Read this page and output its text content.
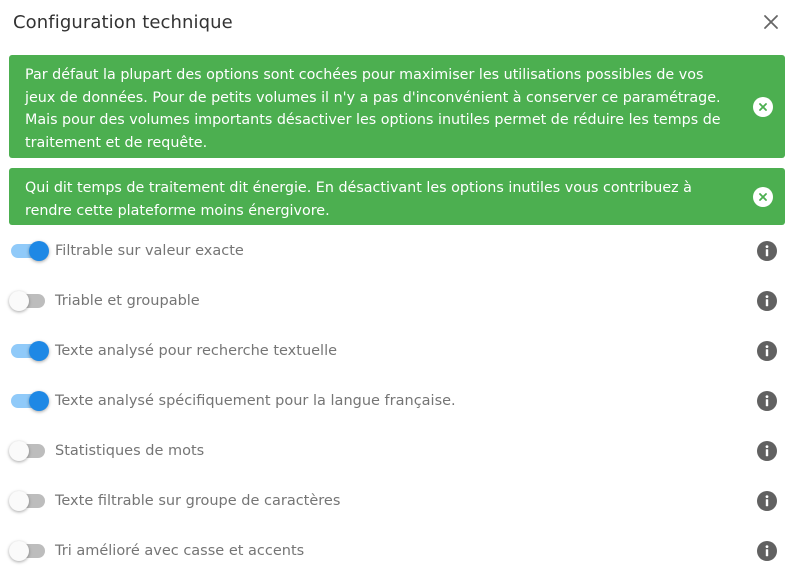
Configuration technique
Par défaut la plupart des options sont cochées pour maximiser les utilisations possibles de vos jeux de données. Pour de petits volumes il n'y a pas d'inconvénient à conserver ce paramétrage. Mais pour des volumes importants désactiver les options inutiles permet de réduire les temps de traitement et de requête.
Qui dit temps de traitement dit énergie. En désactivant les options inutiles vous contribuez à rendre cette plateforme moins énergivore.
Filtrable sur valeur exacte
Triable et groupable
Texte analysé pour recherche textuelle
Texte analysé spécifiquement pour la langue française.
Statistiques de mots
Texte filtrable sur groupe de caractères
Tri amélioré avec casse et accents
